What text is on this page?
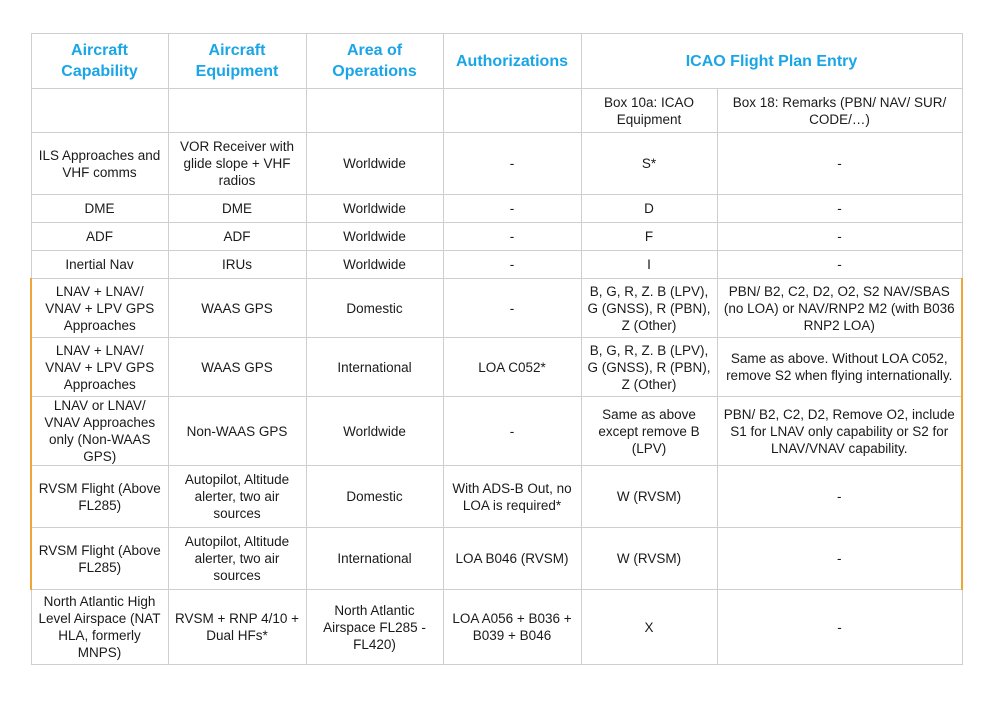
Aircraft Capability	Aircraft Equipment	Area of Operations	Authorizations	ICAO Flight Plan Entry	
				Box 10a: ICAO Equipment	Box 18: Remarks (PBN/ NAV/ SUR/ CODE/…)
ILS Approaches and VHF comms	VOR Receiver with glide slope + VHF radios	Worldwide	-	S*	-
DME	DME	Worldwide	-	D	-
ADF	ADF	Worldwide	-	F	-
Inertial Nav	IRUs	Worldwide	-	I	-
LNAV + LNAV/ VNAV + LPV GPS Approaches	WAAS GPS	Domestic	-	B, G, R, Z. B (LPV), G (GNSS), R (PBN), Z (Other)	PBN/ B2, C2, D2, O2, S2 NAV/SBAS (no LOA) or NAV/RNP2 M2 (with B036 RNP2 LOA)
LNAV + LNAV/ VNAV + LPV GPS Approaches	WAAS GPS	International	LOA C052*	B, G, R, Z. B (LPV), G (GNSS), R (PBN), Z (Other)	Same as above. Without LOA C052, remove S2 when flying internationally.
LNAV or LNAV/ VNAV Approaches only (Non-WAAS GPS)	Non-WAAS GPS	Worldwide	-	Same as above except remove B (LPV)	PBN/ B2, C2, D2, Remove O2, include S1 for LNAV only capability or S2 for LNAV/VNAV capability.
RVSM Flight (Above FL285)	Autopilot, Altitude alerter, two air sources	Domestic	With ADS-B Out, no LOA is required*	W (RVSM)	-
RVSM Flight (Above FL285)	Autopilot, Altitude alerter, two air sources	International	LOA B046 (RVSM)	W (RVSM)	-
North Atlantic High Level Airspace (NAT HLA, formerly MNPS)	RVSM + RNP 4/10 + Dual HFs*	North Atlantic Airspace FL285 - FL420)	LOA A056 + B036 + B039 + B046	X	-
